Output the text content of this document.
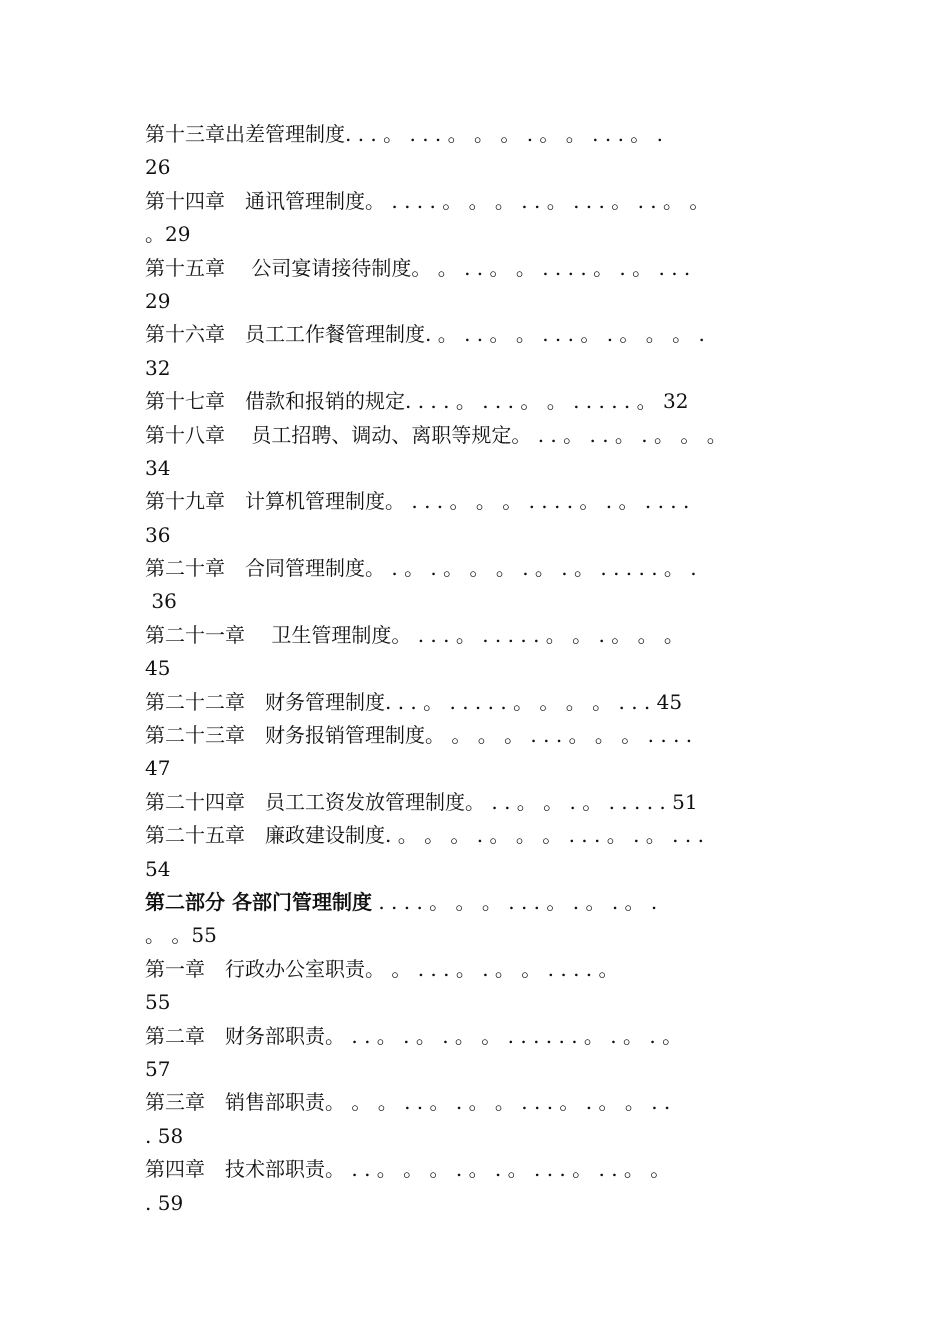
第十三章出差管理制度. . . 。 . . . 。 。 。 . 。 。 . . . 。 .
26
第十四章　通讯管理制度。 . . . . 。 。 。 . . 。 . . . 。 . . 。 。
。29
第十五章　 公司宴请接待制度。 。 . . 。 。 . . . . 。 . 。 . . .
29
第十六章　员工工作餐管理制度. 。 . . 。 。 . . . 。 . 。 。 。 .
32
第十七章　借款和报销的规定. . . . 。 . . . 。 。 . . . . . 。 32
第十八章　 员工招聘、调动、离职等规定。 . . 。 . . 。 . 。 。 。
34
第十九章　计算机管理制度。 . . . 。 。 。 . . . . 。 . 。 . . . .
36
第二十章　合同管理制度。 . 。 . 。 。 。 . 。 . 。 . . . . . 。 .
36
第二十一章　 卫生管理制度。 . . . 。 . . . . . 。 。 . 。 。 。
45
第二十二章　财务管理制度. . . 。 . . . . . 。 。 。 。 . . . 45
第二十三章　财务报销管理制度。 。 。 。 . . . 。 。 。 . . . .
47
第二十四章　员工工资发放管理制度。 . . 。 。 . 。 . . . . . 51
第二十五章　廉政建设制度. 。 。 。 . 。 。 。 . . . 。 . 。 . . .
54
第二部分 各部门管理制度 . . . . 。 。 。 . . . 。 . 。 . 。 .
。 。55
第一章　行政办公室职责。 。 . . . 。 . 。 。 . . . . 。
55
第二章　财务部职责。 . . 。 . 。 . 。 。 . . . . . . 。 . 。 . 。
57
第三章　销售部职责。 。 。 . . 。 . 。 。 . . . 。 . 。 。 . .
. 58
第四章　技术部职责。 . . 。 。 。 . 。 . 。 . . . 。 . . 。 。
. 59
